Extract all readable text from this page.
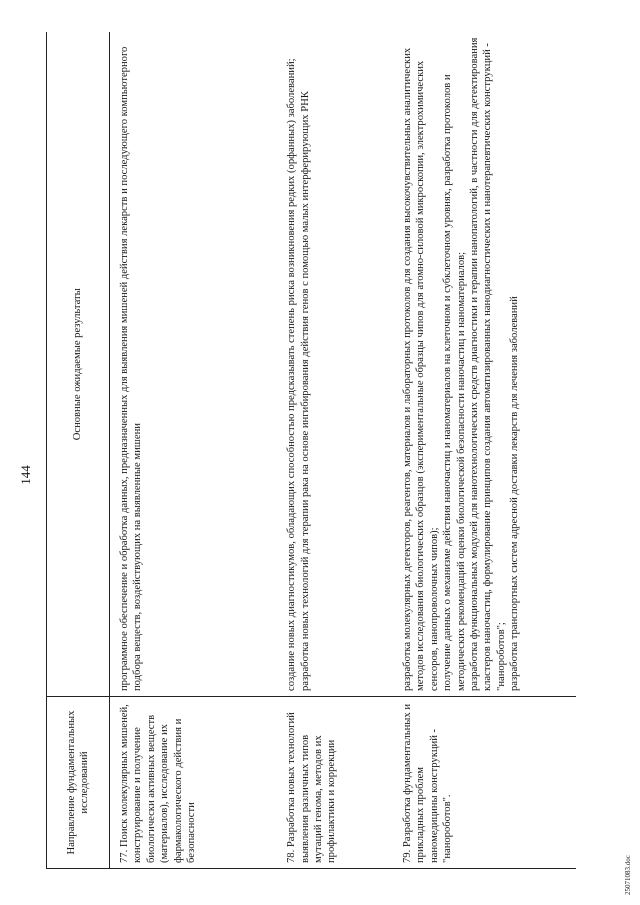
144
Направление фундаментальных исследований	Основные ожидаемые результаты
77. Поиск молекулярных мишеней, конструирование и получение биологически активных веществ (материалов), исследование их фармакологического действия и безопасности	программное обеспечение и обработка данных, предназначенных для выявления мишеней действия лекарств и последующего компьютерного подбора веществ, воздействующих на выявленные мишени

78. Разработка новых технологий выявления различных типов мутаций генома, методов их профилактики и коррекции	создание новых диагностикумов, обладающих способностью предсказывать степень риска возникновения редких (орфанных) заболеваний; разработка новых технологий для терапии рака на основе ингибирования действия генов с помощью малых интерферирующих РНК

79. Разработка фундаментальных и прикладных проблем наномедицины конструкций - "нанороботов".	разработка молекулярных детекторов, реагентов, материалов и лабораторных протоколов для создания высокочувствительных аналитических методов исследования биологических образцов (экспериментальные образцы чипов для атомно-силовой микроскопии, электрохимических сенсоров, нанопроволочных чипов); получение данных о механизме действия наночастиц и наноматериалов на клеточном и субклеточном уровнях, разработка протоколов и методических рекомендаций оценки биологической безопасности наночастиц и наноматериалов; разработка функциональных модулей для нанотехнологических средств диагностики и терапии нанопатологий, в частности для детектирования кластеров наночастиц, формулирование принципов создания автоматизированных нанодиагностических и нанотерапевтических конструкций - "нанороботов"; разработка транспортных систем адресной доставки лекарств для лечения заболеваний
25071083.doc
